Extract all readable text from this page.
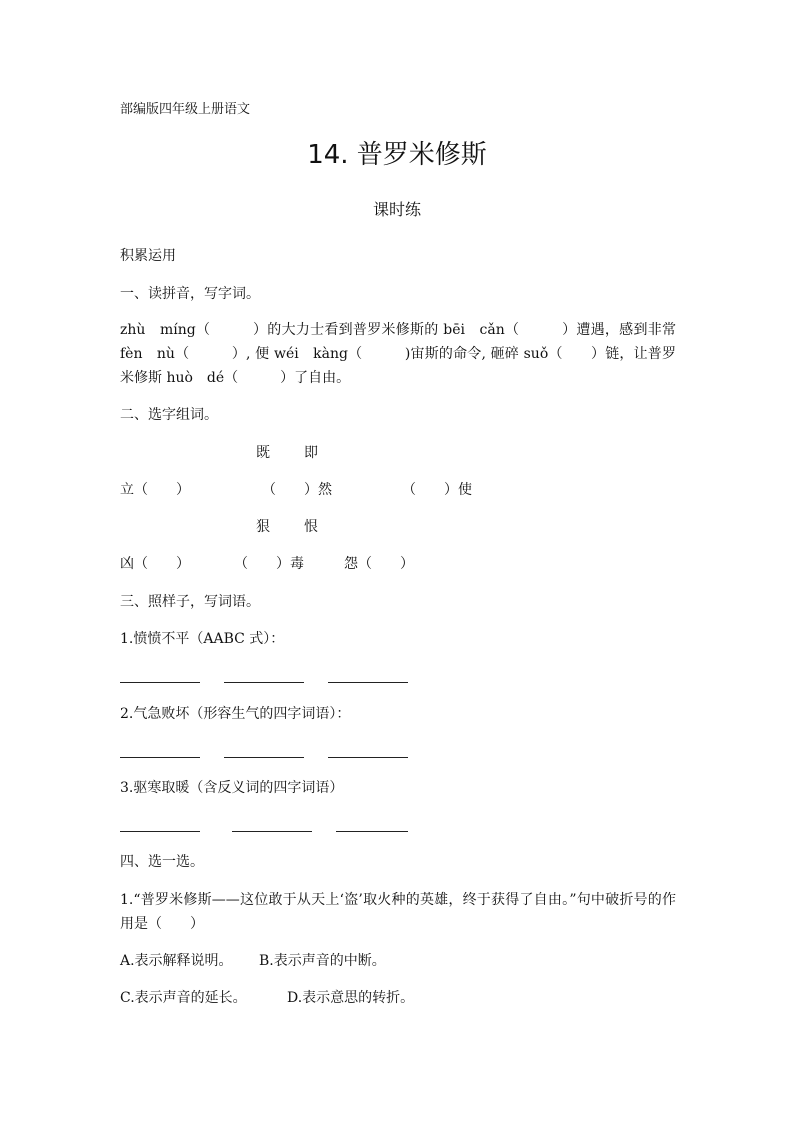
部编版四年级上册语文
14. 普罗米修斯
课时练
积累运用
一、读拼音，写字词。
zhù　míng（　　　）的大力士看到普罗米修斯的 bēi　cǎn（　　　）遭遇，感到非常 fèn　nù（　　　）, 便 wéi　kàng（　　　)宙斯的命令, 砸碎 suǒ（　　）链，让普罗米修斯 huò　dé（　　　）了自由。
二、选字组词。
既 即
立（　　）	（　　）然	（　　）使
狠 恨
凶（　　）	（　　）毒	怨（　　）
三、照样子，写词语。
1.愤愤不平（AABC 式）：
2.气急败坏（形容生气的四字词语）：
3.驱寒取暖（含反义词的四字词语）
四、选一选。
1.“普罗米修斯——这位敢于从天上‘盗’取火种的英雄，终于获得了自由。”句中破折号的作用是（　　）
A.表示解释说明。 B.表示声音的中断。
C.表示声音的延长。	D.表示意思的转折。
